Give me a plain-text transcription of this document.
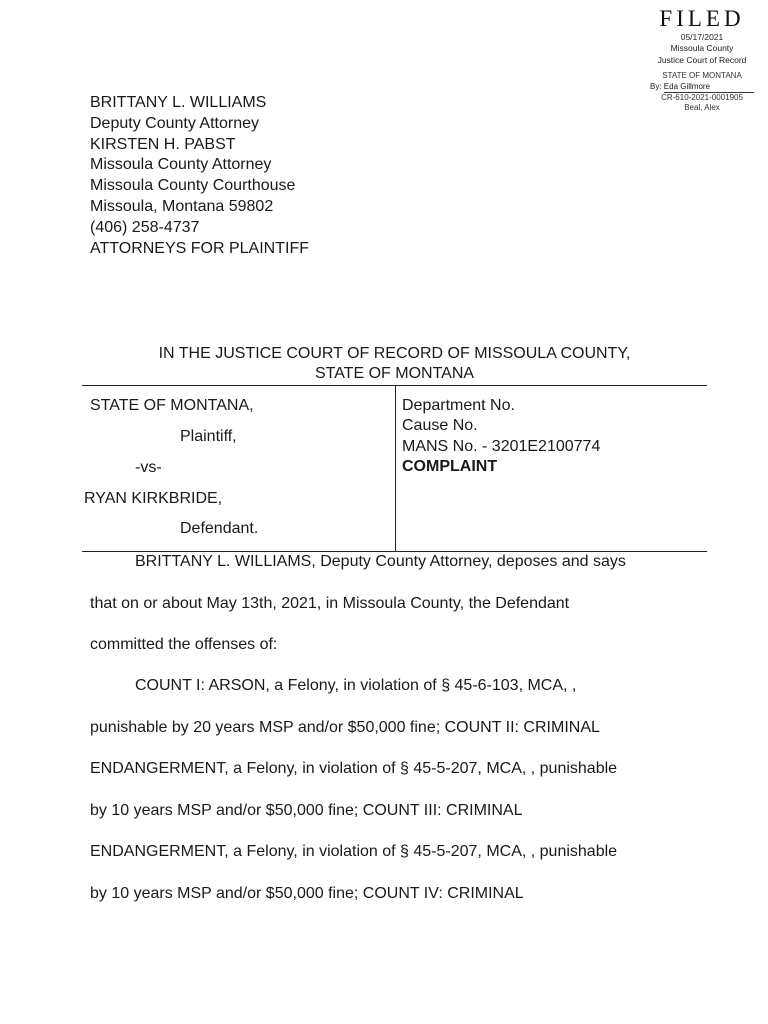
FILED
05/17/2021
Missoula County
Justice Court of Record
STATE OF MONTANA
By: Eda Gillmore
CR-610-2021-0001905
Beal, Alex
BRITTANY L. WILLIAMS
Deputy County Attorney
KIRSTEN H. PABST
Missoula County Attorney
Missoula County Courthouse
Missoula, Montana 59802
(406) 258-4737
ATTORNEYS FOR PLAINTIFF
IN THE JUSTICE COURT OF RECORD OF MISSOULA COUNTY,
STATE OF MONTANA
STATE OF MONTANA,
Plaintiff,
-vs-
RYAN KIRKBRIDE,
Defendant.
Department No.
Cause No.
MANS No. - 3201E2100774
COMPLAINT
BRITTANY L. WILLIAMS, Deputy County Attorney, deposes and says
that on or about May 13th, 2021, in Missoula County, the Defendant
committed the offenses of:
COUNT I: ARSON, a Felony, in violation of § 45-6-103, MCA, ,
punishable by 20 years MSP and/or $50,000 fine; COUNT II: CRIMINAL
ENDANGERMENT, a Felony, in violation of § 45-5-207, MCA, , punishable
by 10 years MSP and/or $50,000 fine; COUNT III: CRIMINAL
ENDANGERMENT, a Felony, in violation of § 45-5-207, MCA, , punishable
by 10 years MSP and/or $50,000 fine; COUNT IV: CRIMINAL
